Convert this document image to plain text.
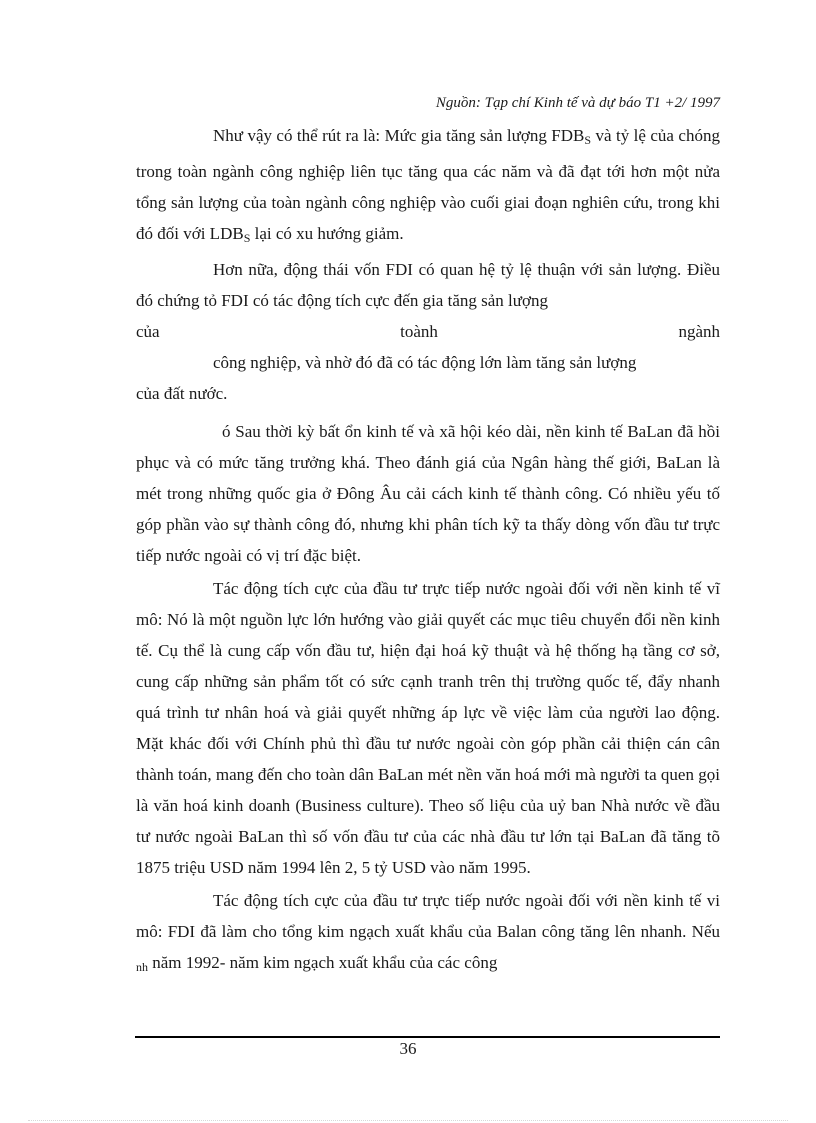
Nguồn: Tạp chí Kinh tế và dự báo T1 +2/ 1997

Như vậy có thể rút ra là: Mức gia tăng sản lượng $FDB_S$ và tỷ lệ của chóng trong toàn ngành công nghiệp liên tục tăng qua các năm và đã đạt tới hơn một nửa tổng sản lượng của toàn ngành công nghiệp vào cuối giai đoạn nghiên cứu, trong khi đó đối với $LDB_S$ lại có xu hướng giảm.

Hơn nữa, động thái vốn FDI có quan hệ tỷ lệ thuận với sản lượng. Điều đó chứng tỏ FDI có tác động tích cực đến gia tăng sản lượng

của	toành	ngành
công nghiệp, và nhờ đó đã có tác động lớn làm tăng sản lượng
của đất nước.

ó Sau thời kỳ bất ổn kinh tế và xã hội kéo dài, nền kinh tế BaLan đã hồi phục và có mức tăng trưởng khá. Theo đánh giá của Ngân hàng thế giới, BaLan là mét trong những quốc gia ở Đông Âu cải cách kinh tế thành công. Có nhiều yếu tố góp phần vào sự thành công đó, nhưng khi phân tích kỹ ta thấy dòng vốn đầu tư trực tiếp nước ngoài có vị trí đặc biệt.

Tác động tích cực của đầu tư trực tiếp nước ngoài đối với nền kinh tế vĩ mô: Nó là một nguồn lực lớn hướng vào giải quyết các mục tiêu chuyển đổi nền kinh tế. Cụ thể là cung cấp vốn đầu tư, hiện đại hoá kỹ thuật và hệ thống hạ tầng cơ sở, cung cấp những sản phẩm tốt có sức cạnh tranh trên thị trường quốc tế, đẩy nhanh quá trình tư nhân hoá và giải quyết những áp lực về việc làm của người lao động. Mặt khác đối với Chính phủ thì đầu tư nước ngoài còn góp phần cải thiện cán cân thành toán, mang đến cho toàn dân BaLan mét nền văn hoá mới mà người ta quen gọi là văn hoá kinh doanh (Business culture). Theo số liệu của uỷ ban Nhà nước về đầu tư nước ngoài BaLan thì số vốn đầu tư của các nhà đầu tư lớn tại BaLan đã tăng tõ 1875 triệu USD năm 1994 lên 2, 5 tỷ USD vào năm 1995.

Tác động tích cực của đầu tư trực tiếp nước ngoài đối với nền kinh tế vi mô: FDI đã làm cho tổng kim ngạch xuất khẩu của Balan công tăng lên nhanh. Nếu $_{nh}$ năm 1992- năm kim ngạch xuất khẩu của các công

36
